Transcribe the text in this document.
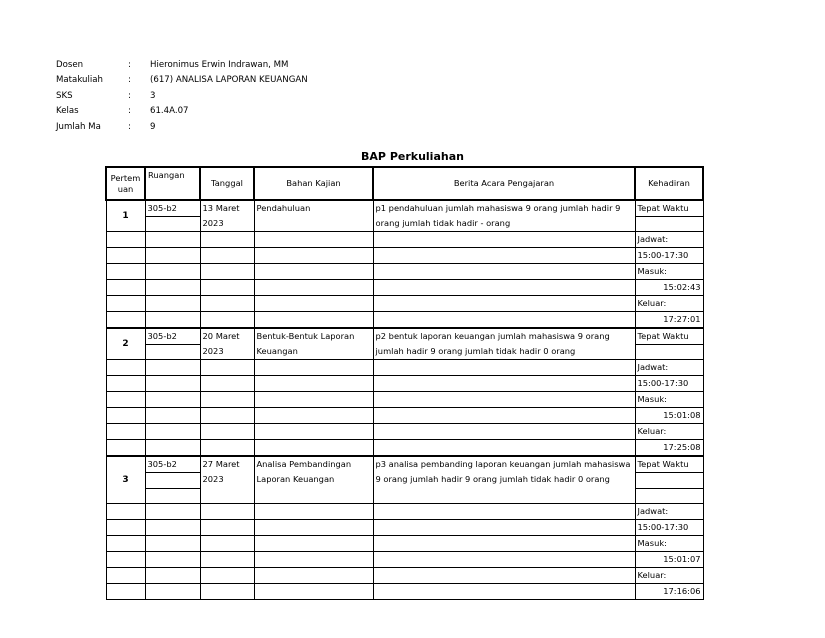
Dosen	:	Hieronimus Erwin Indrawan, MM
Matakuliah	:	(617) ANALISA LAPORAN KEUANGAN
SKS	:	3
Kelas	:	61.4A.07
Jumlah Ma	:	9
BAP Perkuliahan
Pertem uan	Ruangan	Tanggal	Bahan Kajian	Berita Acara Pengajaran	Kehadiran
1	305-b2	13 Maret 2023	Pendahuluan	p1 pendahuluan jumlah mahasiswa 9 orang jumlah hadir 9 orang jumlah tidak hadir - orang	Tepat Waktu

					Jadwat:
					15:00-17:30
					Masuk:
					15:02:43
					Keluar:
					17:27:01
2	305-b2	20 Maret 2023	Bentuk-Bentuk Laporan Keuangan	p2 bentuk laporan keuangan jumlah mahasiswa 9 orang jumlah hadir 9 orang jumlah tidak hadir 0 orang	Tepat Waktu

					Jadwat:
					15:00-17:30
					Masuk:
					15:01:08
					Keluar:
					17:25:08
3	305-b2	27 Maret 2023	Analisa Pembandingan Laporan Keuangan	p3 analisa pembanding laporan keuangan jumlah mahasiswa 9 orang jumlah hadir 9 orang jumlah tidak hadir 0 orang	Tepat Waktu

					Jadwat:
					15:00-17:30
					Masuk:
					15:01:07
					Keluar:
					17:16:06
